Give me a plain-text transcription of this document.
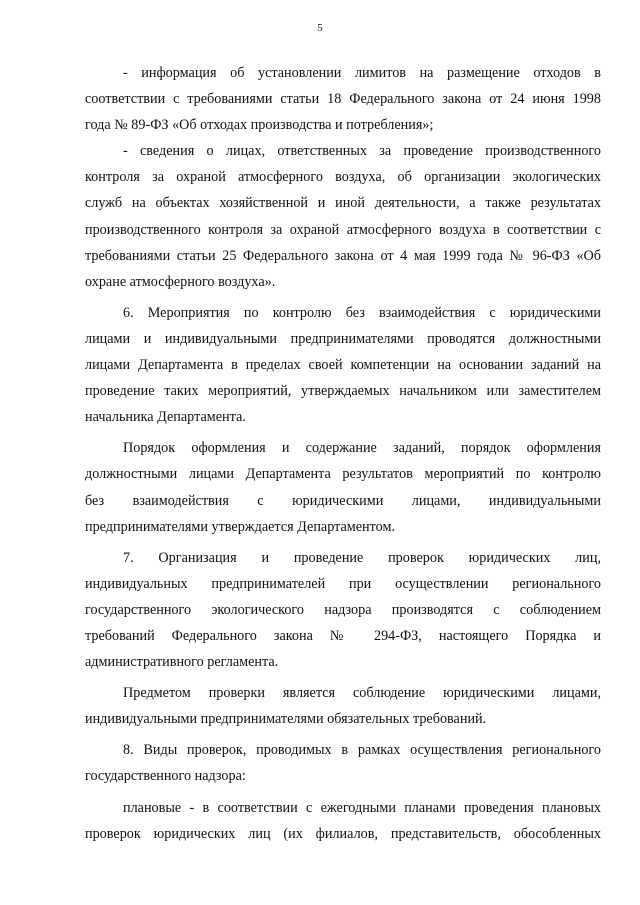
5
- информация об установлении лимитов на размещение отходов в
соответствии с требованиями статьи 18 Федерального закона от 24 июня 1998
года № 89-ФЗ «Об отходах производства и потребления»;
- сведения о лицах, ответственных за проведение производственного
контроля за охраной атмосферного воздуха, об организации экологических
служб на объектах хозяйственной и иной деятельности, а также результатах
производственного контроля за охраной атмосферного воздуха в соответствии с
требованиями статьи 25 Федерального закона от 4 мая 1999 года № 96-ФЗ «Об
охране атмосферного воздуха».
6. Мероприятия по контролю без взаимодействия с юридическими
лицами и индивидуальными предпринимателями проводятся должностными
лицами Департамента в пределах своей компетенции на основании заданий на
проведение таких мероприятий, утверждаемых начальником или заместителем
начальника Департамента.
Порядок оформления и содержание заданий, порядок оформления
должностными лицами Департамента результатов мероприятий по контролю
без взаимодействия с юридическими лицами, индивидуальными
предпринимателями утверждается Департаментом.
7. Организация и проведение проверок юридических лиц,
индивидуальных предпринимателей при осуществлении регионального
государственного экологического надзора производятся с соблюдением
требований Федерального закона № 294-ФЗ, настоящего Порядка и
административного регламента.
Предметом проверки является соблюдение юридическими лицами,
индивидуальными предпринимателями обязательных требований.
8. Виды проверок, проводимых в рамках осуществления регионального
государственного надзора:
плановые - в соответствии с ежегодными планами проведения плановых
проверок юридических лиц (их филиалов, представительств, обособленных
